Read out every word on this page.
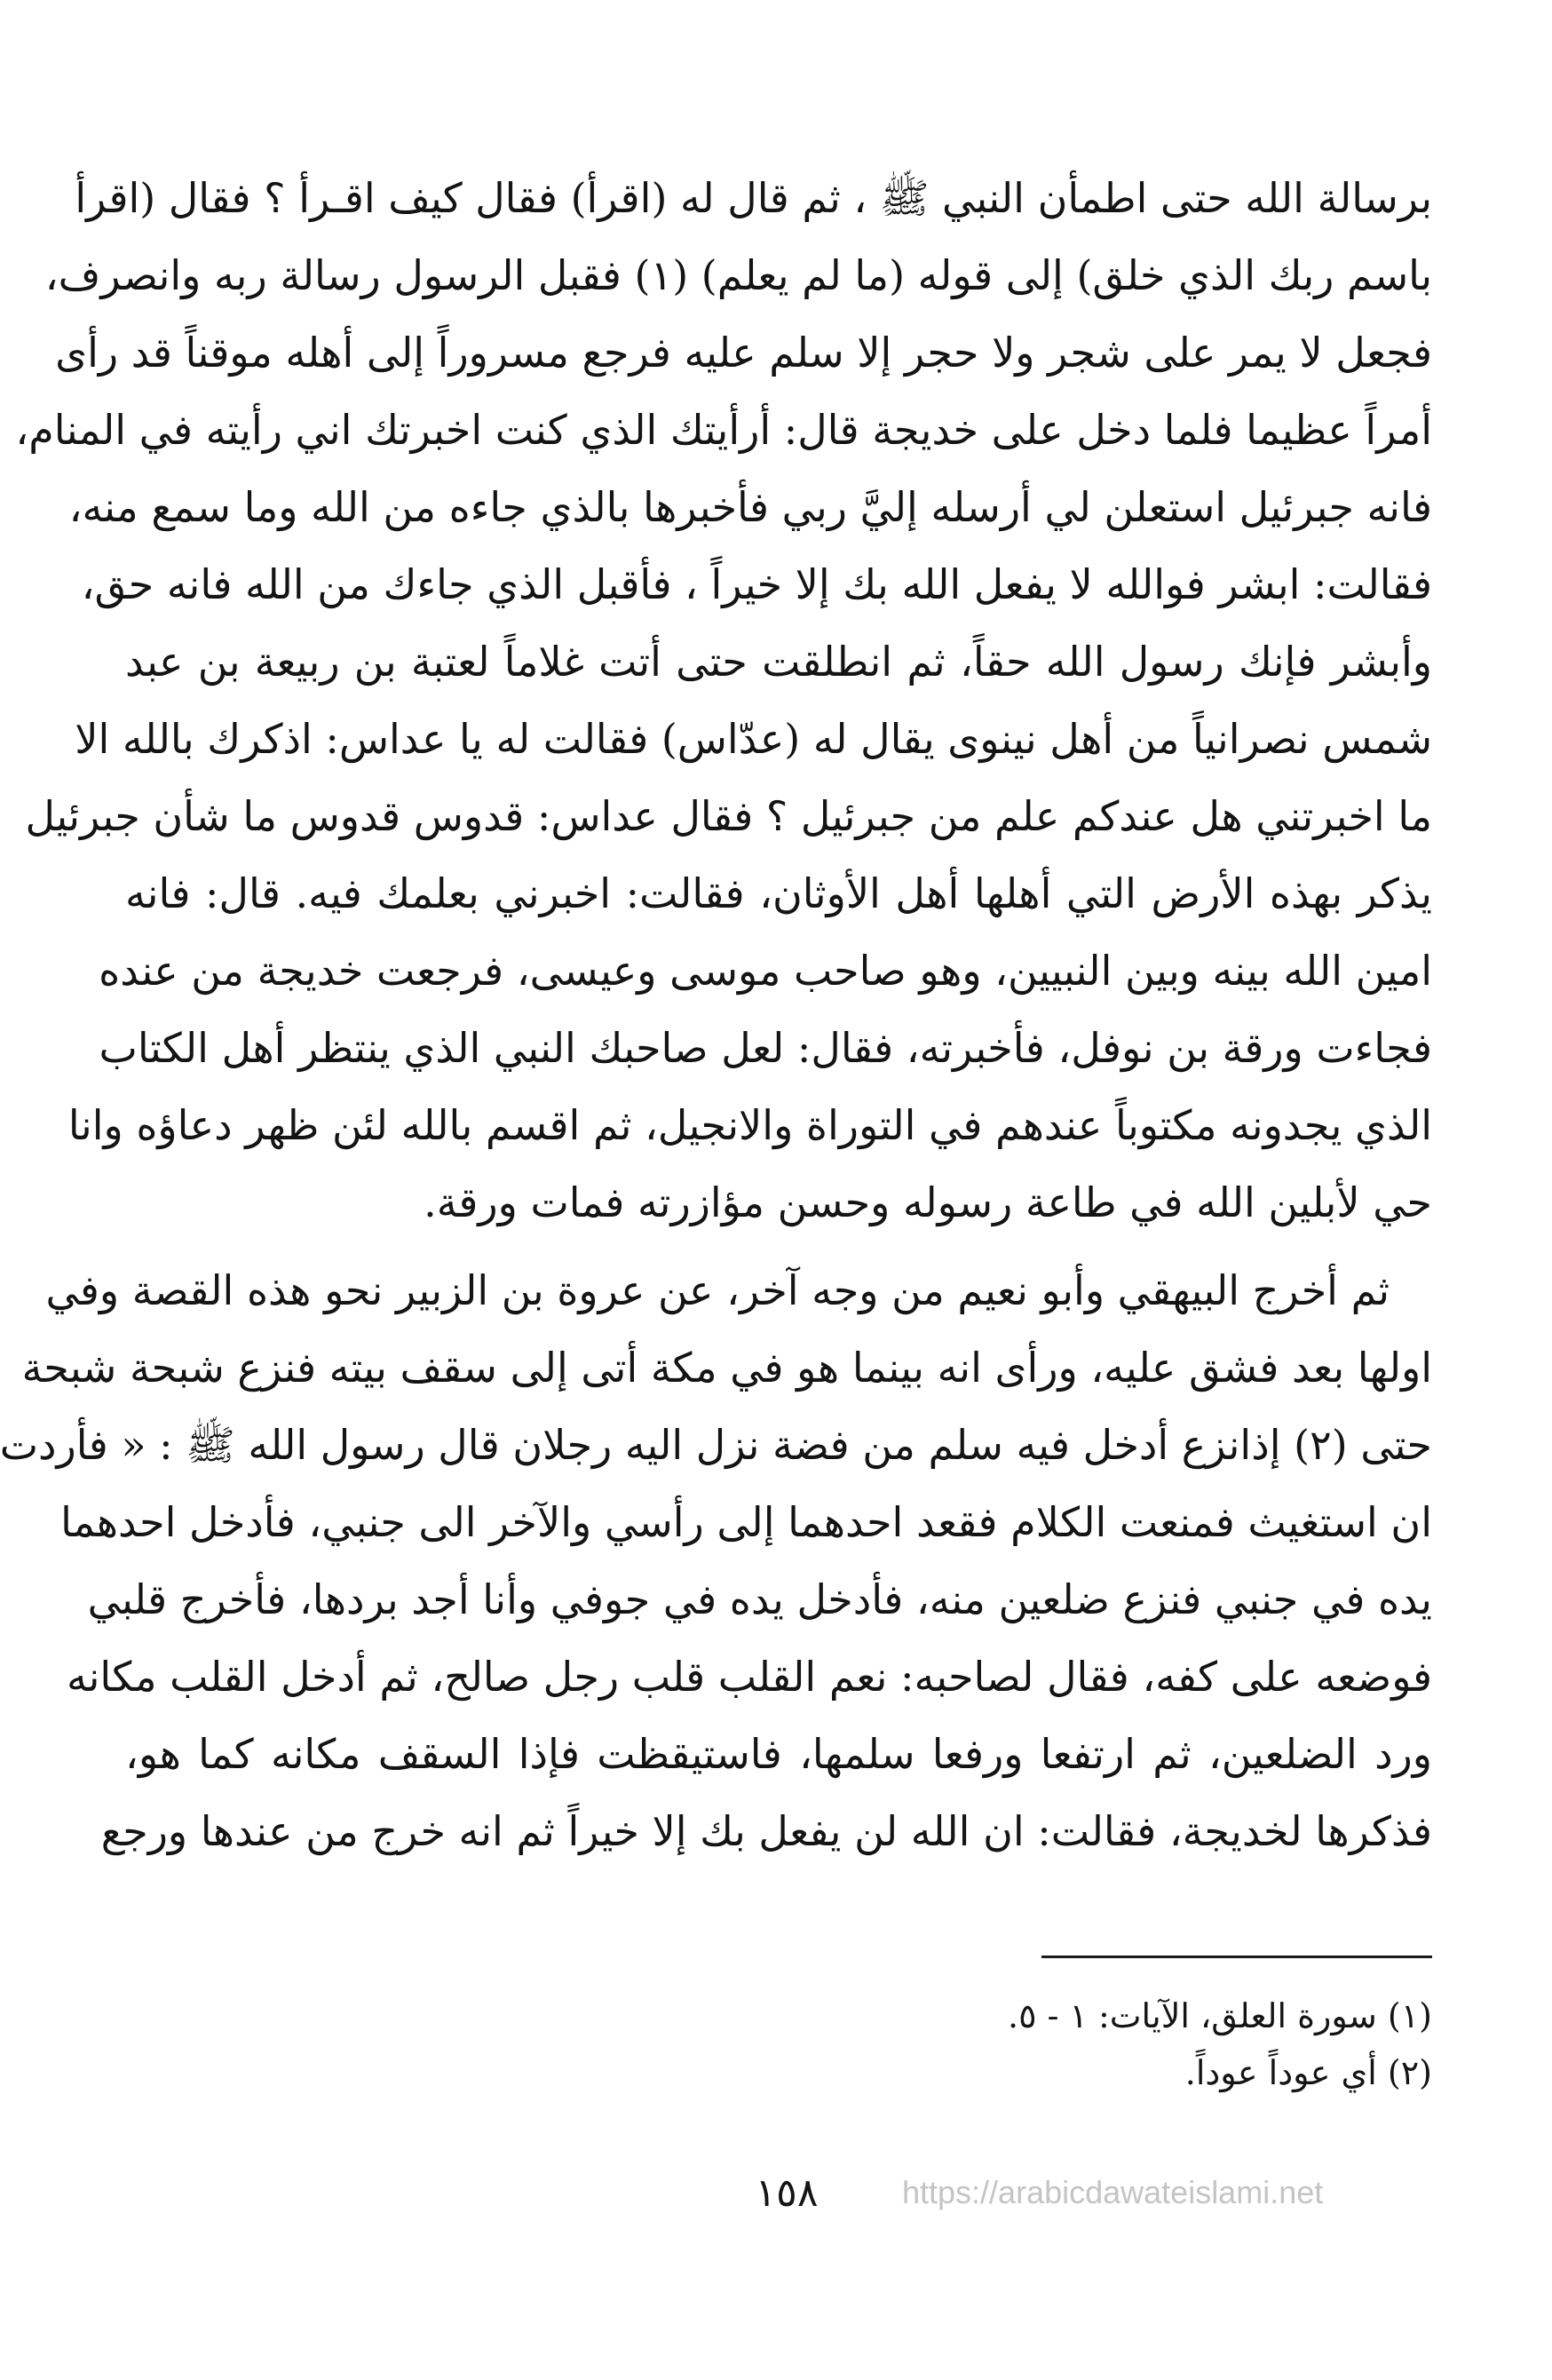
برسالة الله حتى اطمأن النبي ﷺ ، ثم قال له (اقرأ) فقال كيف اقـرأ ؟ فقال (اقرأ
باسم ربك الذي خلق) إلى قوله (ما لم يعلم) (١) فقبل الرسول رسالة ربه وانصرف،
فجعل لا يمر على شجر ولا حجر إلا سلم عليه فرجع مسروراً إلى أهله موقناً قد رأى
أمراً عظيما فلما دخل على خديجة قال: أرأيتك الذي كنت اخبرتك اني رأيته في المنام،
فانه جبرئيل استعلن لي أرسله إليَّ ربي فأخبرها بالذي جاءه من الله وما سمع منه،
فقالت: ابشر فوالله لا يفعل الله بك إلا خيراً ، فأقبل الذي جاءك من الله فانه حق،
وأبشر فإنك رسول الله حقاً، ثم انطلقت حتى أتت غلاماً لعتبة بن ربيعة بن عبد
شمس نصرانياً من أهل نينوى يقال له (عدّاس) فقالت له يا عداس: اذكرك بالله الا
ما اخبرتني هل عندكم علم من جبرئيل ؟ فقال عداس: قدوس قدوس ما شأن جبرئيل
يذكر بهذه الأرض التي أهلها أهل الأوثان، فقالت: اخبرني بعلمك فيه. قال: فانه
امين الله بينه وبين النبيين، وهو صاحب موسى وعيسى، فرجعت خديجة من عنده
فجاءت ورقة بن نوفل، فأخبرته، فقال: لعل صاحبك النبي الذي ينتظر أهل الكتاب
الذي يجدونه مكتوباً عندهم في التوراة والانجيل، ثم اقسم بالله لئن ظهر دعاؤه وانا
حي لأبلين الله في طاعة رسوله وحسن مؤازرته فمات ورقة.
ثم أخرج البيهقي وأبو نعيم من وجه آخر، عن عروة بن الزبير نحو هذه القصة وفي
اولها بعد فشق عليه، ورأى انه بينما هو في مكة أتى إلى سقف بيته فنزع شبحة شبحة
حتى (٢) إذانزع أدخل فيه سلم من فضة نزل اليه رجلان قال رسول الله ﷺ : « فأردت
ان استغيث فمنعت الكلام فقعد احدهما إلى رأسي والآخر الى جنبي، فأدخل احدهما
يده في جنبي فنزع ضلعين منه، فأدخل يده في جوفي وأنا أجد بردها، فأخرج قلبي
فوضعه على كفه، فقال لصاحبه: نعم القلب قلب رجل صالح، ثم أدخل القلب مكانه
ورد الضلعين، ثم ارتفعا ورفعا سلمها، فاستيقظت فإذا السقف مكانه كما هو،
فذكرها لخديجة، فقالت: ان الله لن يفعل بك إلا خيراً ثم انه خرج من عندها ورجع
(١) سورة العلق، الآيات: ١ - ٥.
(٢) أي عوداً عوداً.
١٥٨	https://arabicdawateislami.net
